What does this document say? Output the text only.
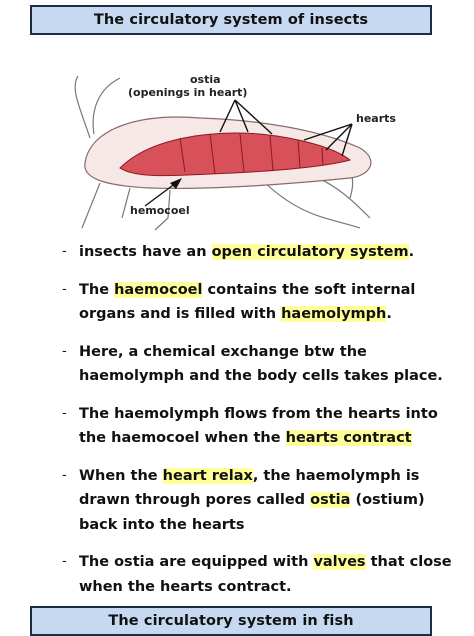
The circulatory system of insects
ostia
(openings in heart)
hearts
hemocoel
- insects have an open circulatory system.
- The haemocoel contains the soft internal organs and is filled with haemolymph.
- Here, a chemical exchange btw the haemolymph and the body cells takes place.
- The haemolymph flows from the hearts into the haemocoel when the hearts contract
- When the heart relax, the haemolymph is drawn through pores called ostia (ostium) back into the hearts
- The ostia are equipped with valves that close when the hearts contract.
The circulatory system in fish
